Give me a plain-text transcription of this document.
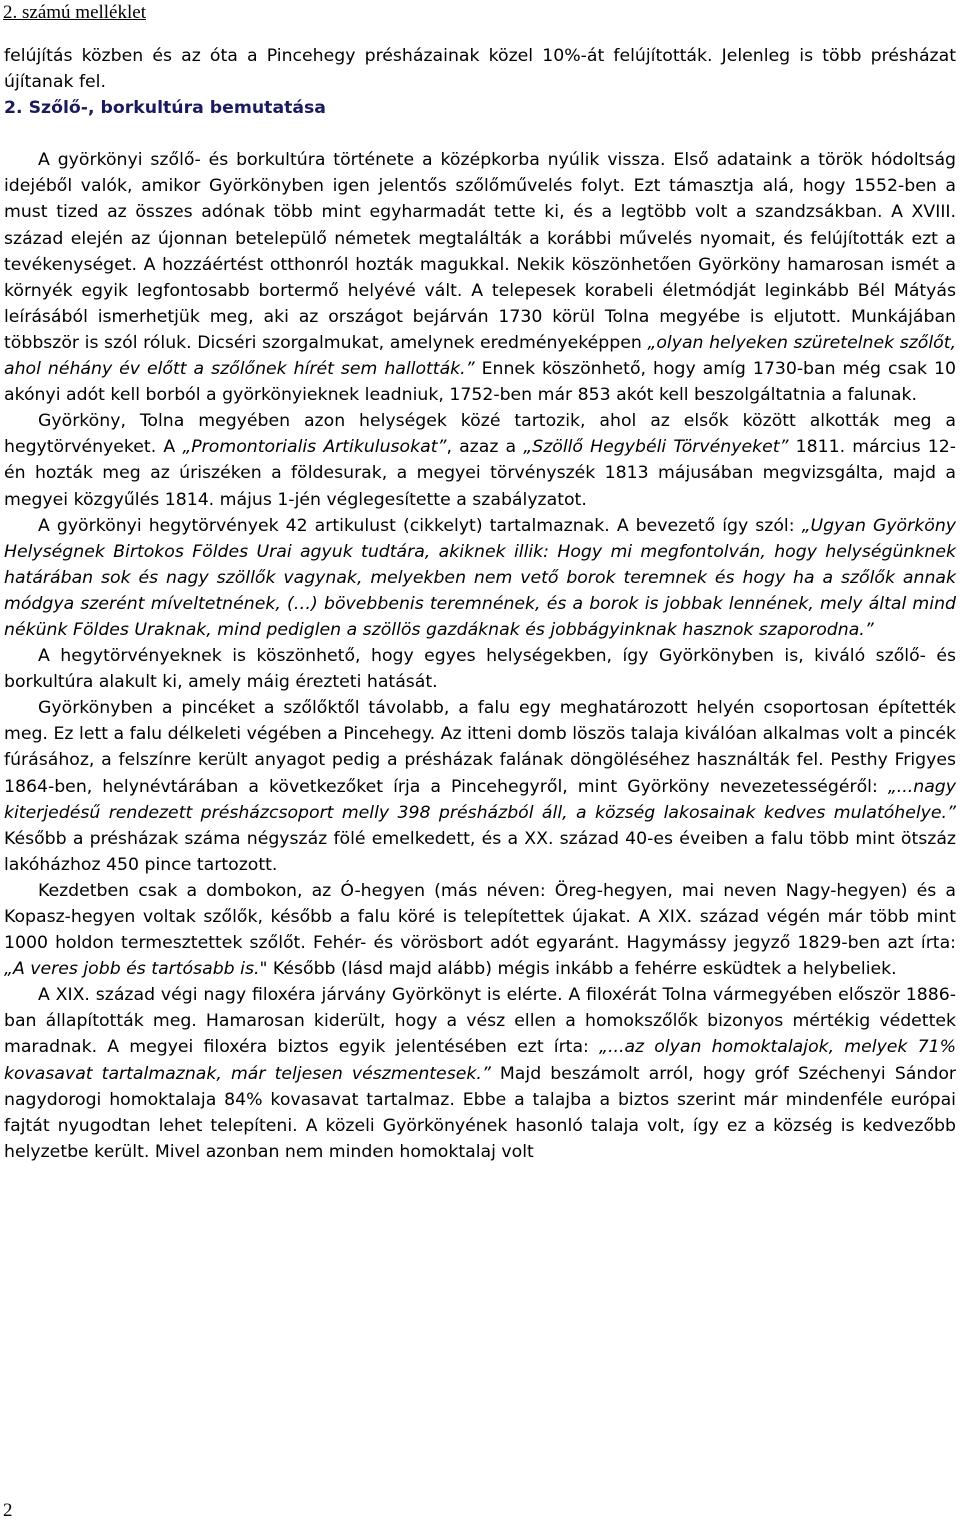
2. számú melléklet

felújítás közben és az óta a Pincehegy présházainak közel 10%-át felújították. Jelenleg is több présházat újítanak fel.

2. Szőlő-, borkultúra bemutatása

A györkönyi szőlő- és borkultúra története a középkorba nyúlik vissza. Első adataink a török hódoltság idejéből valók, amikor Györkönyben igen jelentős szőlőművelés folyt. Ezt támasztja alá, hogy 1552-ben a must tized az összes adónak több mint egyharmadát tette ki, és a legtöbb volt a szandzsákban. A XVIII. század elején az újonnan betelepülő németek megtalálták a korábbi művelés nyomait, és felújították ezt a tevékenységet. A hozzáértést otthonról hozták magukkal. Nekik köszönhetően Györköny hamarosan ismét a környék egyik legfontosabb bortermő helyévé vált. A telepesek korabeli életmódját leginkább Bél Mátyás leírásából ismerhetjük meg, aki az országot bejárván 1730 körül Tolna megyébe is eljutott. Munkájában többször is szól róluk. Dicséri szorgalmukat, amelynek eredményeképpen „olyan helyeken szüretelnek szőlőt, ahol néhány év előtt a szőlőnek hírét sem hallották.” Ennek köszönhető, hogy amíg 1730-ban még csak 10 akónyi adót kell borból a györkönyieknek leadniuk, 1752-ben már 853 akót kell beszolgáltatnia a falunak.

Györköny, Tolna megyében azon helységek közé tartozik, ahol az elsők között alkották meg a hegytörvényeket. A „Promontorialis Artikulusokat”, azaz a „Szöllő Hegybéli Törvényeket” 1811. március 12-én hozták meg az úriszéken a földesurak, a megyei törvényszék 1813 májusában megvizsgálta, majd a megyei közgyűlés 1814. május 1-jén véglegesítette a szabályzatot.

A györkönyi hegytörvények 42 artikulust (cikkelyt) tartalmaznak. A bevezető így szól: „Ugyan Györköny Helységnek Birtokos Földes Urai agyuk tudtára, akiknek illik: Hogy mi megfontolván, hogy helységünknek határában sok és nagy szöllők vagynak, melyekben nem vető borok teremnek és hogy ha a szőlők annak módgya szerént míveltetnének, (…) bövebbenis teremnének, és a borok is jobbak lennének, mely által mind nékünk Földes Uraknak, mind pediglen a szöllös gazdáknak és jobbágyinknak hasznok szaporodna.”

A hegytörvényeknek is köszönhető, hogy egyes helységekben, így Györkönyben is, kiváló szőlő- és borkultúra alakult ki, amely máig érezteti hatását.

Györkönyben a pincéket a szőlőktől távolabb, a falu egy meghatározott helyén csoportosan építették meg. Ez lett a falu délkeleti végében a Pincehegy. Az itteni domb löszös talaja kiválóan alkalmas volt a pincék fúrásához, a felszínre került anyagot pedig a présházak falának döngöléséhez használták fel. Pesthy Frigyes 1864-ben, helynévtárában a következőket írja a Pincehegyről, mint Györköny nevezetességéről: „...nagy kiterjedésű rendezett présházcsoport melly 398 présházból áll, a község lakosainak kedves mulatóhelye.” Később a présházak száma négyszáz fölé emelkedett, és a XX. század 40-es éveiben a falu több mint ötszáz lakóházhoz 450 pince tartozott.

Kezdetben csak a dombokon, az Ó-hegyen (más néven: Öreg-hegyen, mai neven Nagy-hegyen) és a Kopasz-hegyen voltak szőlők, később a falu köré is telepítettek újakat. A XIX. század végén már több mint 1000 holdon termesztettek szőlőt. Fehér- és vörösbort adót egyaránt. Hagymássy jegyző 1829-ben azt írta: „A veres jobb és tartósabb is." Később (lásd majd alább) mégis inkább a fehérre esküdtek a helybeliek.

A XIX. század végi nagy filoxéra járvány Györkönyt is elérte. A filoxérát Tolna vármegyében először 1886-ban állapították meg. Hamarosan kiderült, hogy a vész ellen a homokszőlők bizonyos mértékig védettek maradnak. A megyei filoxéra biztos egyik jelentésében ezt írta: „...az olyan homoktalajok, melyek 71% kovasavat tartalmaznak, már teljesen vészmentesek.” Majd beszámolt arról, hogy gróf Széchenyi Sándor nagydorogi homoktalaja 84% kovasavat tartalmaz. Ebbe a talajba a biztos szerint már mindenféle európai fajtát nyugodtan lehet telepíteni. A közeli Györkönyének hasonló talaja volt, így ez a község is kedvezőbb helyzetbe került. Mivel azonban nem minden homoktalaj volt

2
